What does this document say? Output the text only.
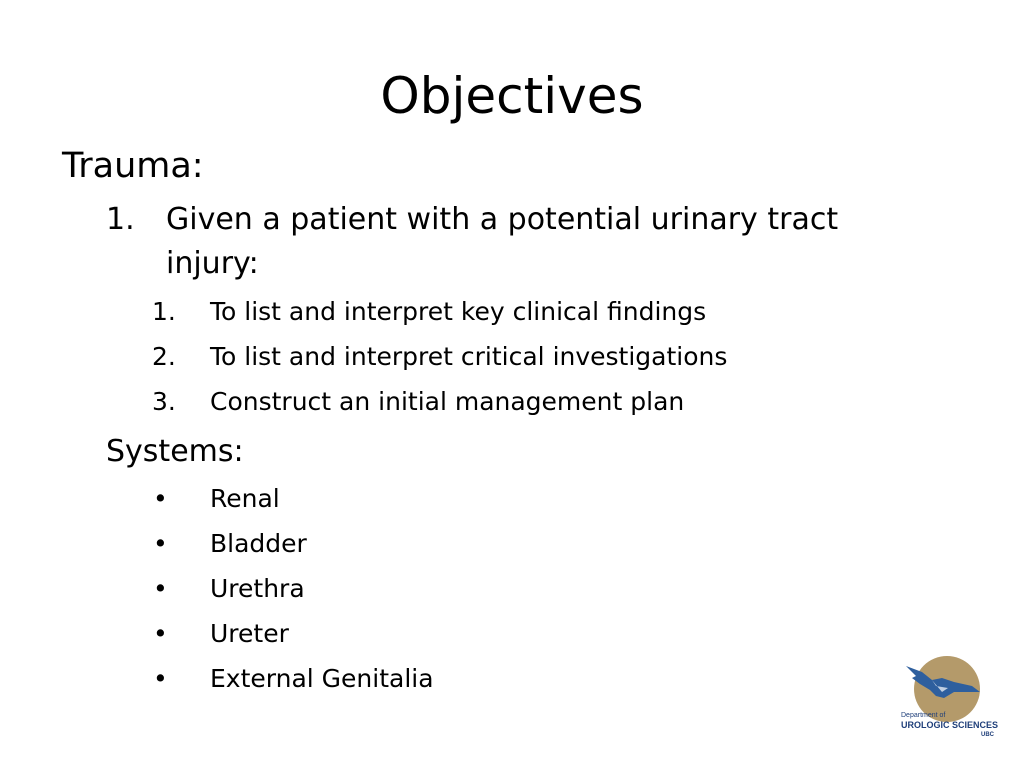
Objectives
Trauma:
1. Given a patient with a potential urinary tract injury:
1. To list and interpret key clinical findings
2. To list and interpret critical investigations
3. Construct an initial management plan
Systems:
• Renal
• Bladder
• Urethra
• Ureter
• External Genitalia
Department of
UROLOGIC SCIENCES
UBC
